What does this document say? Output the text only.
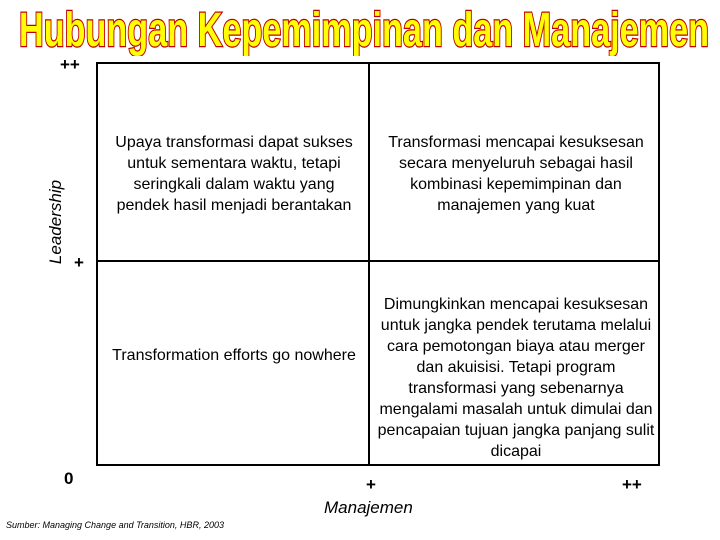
Hubungan Kepemimpinan dan Manajemen
Upaya transformasi dapat sukses untuk sementara waktu, tetapi seringkali dalam waktu yang pendek hasil menjadi berantakan
Transformasi mencapai kesuksesan secara menyeluruh sebagai hasil kombinasi kepemimpinan dan manajemen yang kuat
Transformation efforts go nowhere
Dimungkinkan mencapai kesuksesan untuk jangka pendek terutama melalui cara pemotongan biaya atau merger dan akuisisi. Tetapi program transformasi yang sebenarnya mengalami masalah untuk dimulai dan pencapaian tujuan jangka panjang sulit dicapai
++
+
0	+	++
Leadership
Manajemen
Sumber: Managing Change and Transition, HBR, 2003
